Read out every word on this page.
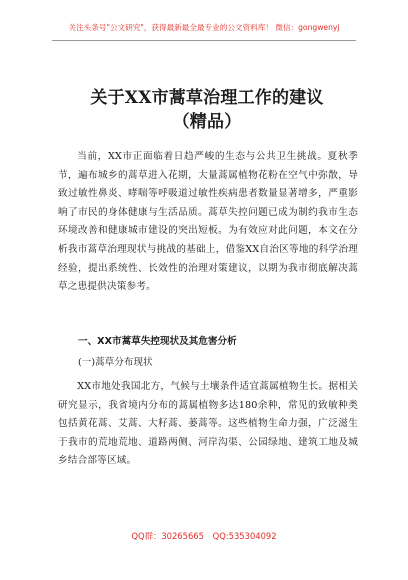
关注头条号"公文研究"，获得最新最全最专业的公文资料库！ 微信：gongwenyj
关于XX市蒿草治理工作的建议（精品）
当前，XX市正面临着日趋严峻的生态与公共卫生挑战。夏秋季节，遍布城乡的蒿草进入花期，大量蒿属植物花粉在空气中弥散，导致过敏性鼻炎、哮喘等呼吸道过敏性疾病患者数量显著增多，严重影响了市民的身体健康与生活品质。蒿草失控问题已成为制约我市生态环境改善和健康城市建设的突出短板。为有效应对此问题，本文在分析我市蒿草治理现状与挑战的基础上，借鉴XX自治区等地的科学治理经验，提出系统性、长效性的治理对策建议，以期为我市彻底解决蒿草之患提供决策参考。
一、XX市蒿草失控现状及其危害分析
(一)蒿草分布现状
XX市地处我国北方，气候与土壤条件适宜蒿属植物生长。据相关研究显示，我省境内分布的蒿属植物多达180余种，常见的致敏种类包括黄花蒿、艾蒿、大籽蒿、蒌蒿等。这些植物生命力强，广泛滋生于我市的荒地荒地、道路两侧、河岸沟渠、公园绿地、建筑工地及城乡结合部等区域。
QQ群：30265665 QQ:535304092
